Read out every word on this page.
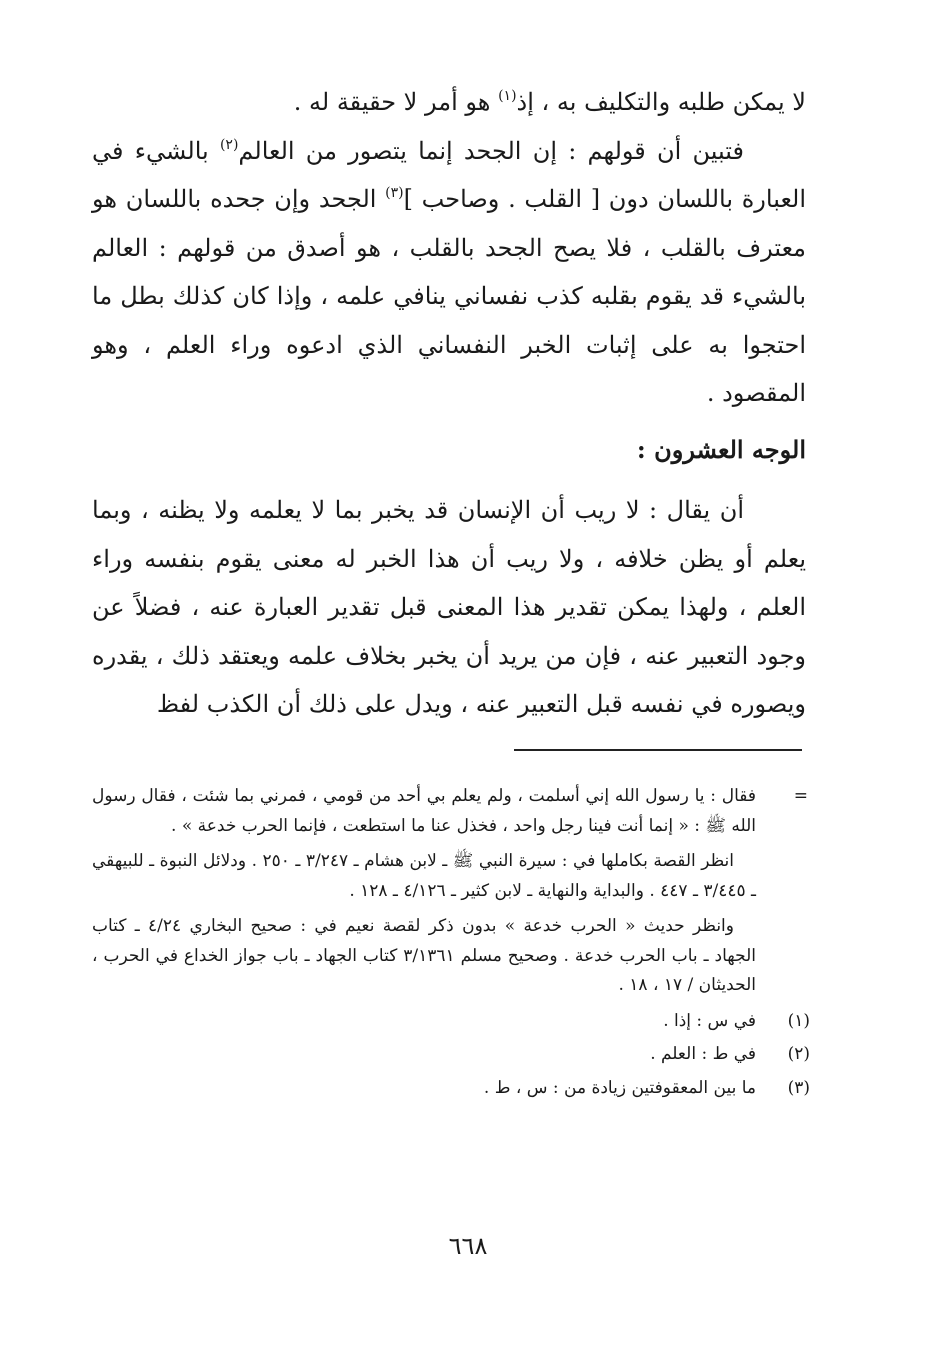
لا يمكن طلبه والتكليف به ، إذ$^{(١)}$ هو أمر لا حقيقة له .

فتبين أن قولهم : إن الجحد إنما يتصور من العالم$^{(٢)}$ بالشيء في العبارة باللسان دون [ القلب . وصاحب ]$^{(٣)}$ الجحد وإن جحده باللسان هو معترف بالقلب ، فلا يصح الجحد بالقلب ، هو أصدق من قولهم : العالم بالشيء قد يقوم بقلبه كذب نفساني ينافي علمه ، وإذا كان كذلك بطل ما احتجوا به على إثبات الخبر النفساني الذي ادعوه وراء العلم ، وهو المقصود .

الوجه العشرون :

أن يقال : لا ريب أن الإنسان قد يخبر بما لا يعلمه ولا يظنه ، وبما يعلم أو يظن خلافه ، ولا ريب أن هذا الخبر له معنى يقوم بنفسه وراء العلم ، ولهذا يمكن تقدير هذا المعنى قبل تقدير العبارة عنه ، فضلاً عن وجود التعبير عنه ، فإن من يريد أن يخبر بخلاف علمه ويعتقد ذلك ، يقدره ويصوره في نفسه قبل التعبير عنه ، ويدل على ذلك أن الكذب لفظ

=

فقال : يا رسول الله إني أسلمت ، ولم يعلم بي أحد من قومي ، فمرني بما شئت ، فقال رسول الله ﷺ : « إنما أنت فينا رجل واحد ، فخذل عنا ما استطعت ، فإنما الحرب خدعة » .

انظر القصة بكاملها في : سيرة النبي ﷺ ـ لابن هشام ـ ٣/٢٤٧ ـ ٢٥٠ . ودلائل النبوة ـ للبيهقي ـ ٣/٤٤٥ ـ ٤٤٧ . والبداية والنهاية ـ لابن كثير ـ ٤/١٢٦ ـ ١٢٨ .

وانظر حديث « الحرب خدعة » بدون ذكر لقصة نعيم في : صحيح البخاري ٤/٢٤ ـ كتاب الجهاد ـ باب الحرب خدعة . وصحيح مسلم ٣/١٣٦١ كتاب الجهاد ـ باب جواز الخداع في الحرب ، الحديثان / ١٧ ، ١٨ .

(١)
في س : إذا .
(٢)
في ط : العلم .
(٣)
ما بين المعقوفتين زيادة من : س ، ط .
٦٦٨
